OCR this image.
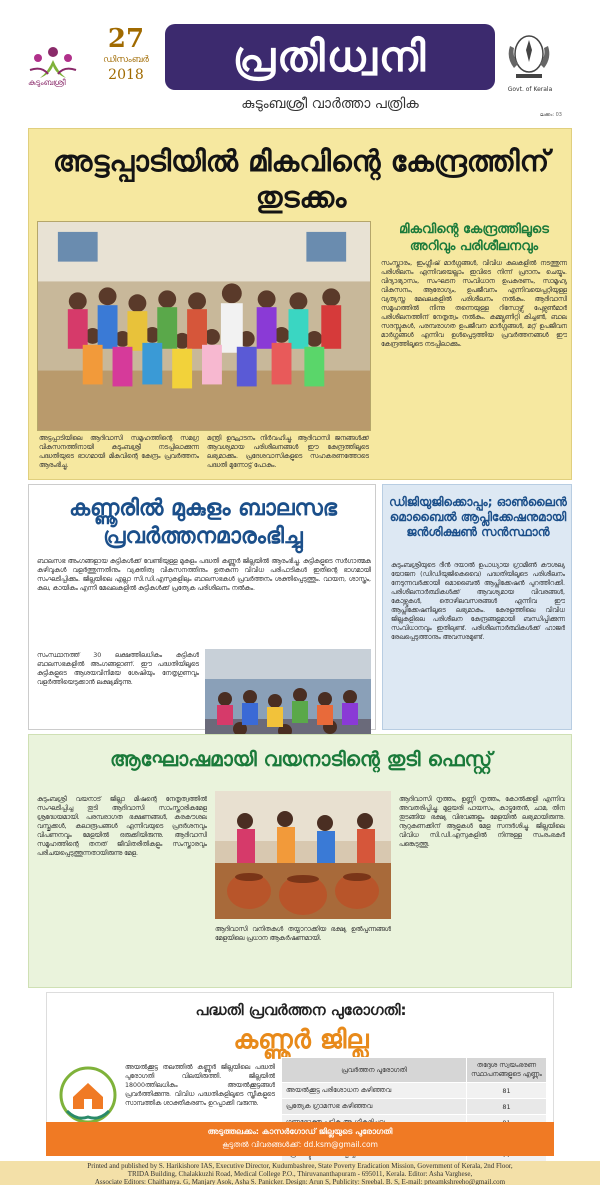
കുടുംബശ്രീ
27
ഡിസംബർ
2018	പ്രതിധ്വനി
കുടുംബശ്രീ വാർത്താ പത്രിക
Govt. of Kerala
ലക്കം: 03
അട്ടപ്പാടിയിൽ മികവിന്റെ കേന്ദ്രത്തിന് തുടക്കം
മികവിന്റെ കേന്ദ്രത്തിലൂടെ അറിവും പരിശീലനവും

സംസ്കാരം, ഇംഗ്ലീഷ് മാർഗ്ഗങ്ങൾ, വിവിധ കലകളിൽ നടത്തുന്ന പരിശീലനം എന്നിവയെല്ലാം ഇവിടെ നിന്ന് പ്രദാനം ചെയ്യും. വിദ്യാഭ്യാസം, സംഘടന സംവിധാന ഉപകരണം, സാമൂഹ്യ വികസനം, ആരോഗ്യം, ഉപജീവനം എന്നിവയെപ്പറ്റിയുള്ള വ്യത്യസ്ത മേഖലകളിൽ പരിശീലനം നൽകും. ആദിവാസി സമൂഹത്തിൽ നിന്നു തന്നെയുള്ള റിസോഴ്സ് പേഴ്സൺമാർ പരിശീലനത്തിന് നേതൃത്വം നൽകും. കമ്മ്യൂണിറ്റി കിച്ചൺ, ബാല സദസ്സുകൾ, പരമ്പരാഗത ഉപജീവന മാർഗ്ഗങ്ങൾ, മറ്റ് ഉപജീവന മാർഗ്ഗങ്ങൾ എന്നിവ ഉൾപ്പെടുത്തിയ പ്രവർത്തനങ്ങൾ ഈ കേന്ദ്രത്തിലൂടെ നടപ്പിലാക്കും.

അട്ടപ്പാടിയിലെ ആദിവാസി സമൂഹത്തിന്റെ സമഗ്ര വികസനത്തിനായി കുടുംബശ്രീ നടപ്പിലാക്കുന്ന പദ്ധതിയുടെ ഭാഗമായി മികവിന്റെ കേന്ദ്രം പ്രവർത്തനം ആരംഭിച്ചു.

മന്ത്രി ഉദ്ഘാടനം നിർവഹിച്ചു. ആദിവാസി ജനങ്ങൾക്ക് ആവശ്യമായ പരിശീലനങ്ങൾ ഈ കേന്ദ്രത്തിലൂടെ ലഭ്യമാക്കും. പ്രദേശവാസികളുടെ സഹകരണത്തോടെ പദ്ധതി മുന്നോട്ട് പോകും.

കണ്ണൂരിൽ മുകുളം ബാലസഭ പ്രവർത്തനമാരംഭിച്ചു

ബാലസഭ അംഗങ്ങളായ കുട്ടികൾക്ക് വേണ്ടിയുള്ള മുകുളം പദ്ധതി കണ്ണൂർ ജില്ലയിൽ ആരംഭിച്ചു. കുട്ടികളുടെ സർഗാത്മക കഴിവുകൾ വളർത്തുന്നതിനും വ്യക്തിത്വ വികസനത്തിനും ഉതകുന്ന വിവിധ പരിപാടികൾ ഇതിന്റെ ഭാഗമായി സംഘടിപ്പിക്കും. ജില്ലയിലെ എല്ലാ സി.ഡി.എസുകളിലും ബാലസഭകൾ പ്രവർത്തനം ശക്തിപ്പെടുത്തും. വായന, ശാസ്ത്രം, കല, കായികം എന്നീ മേഖലകളിൽ കുട്ടികൾക്ക് പ്രത്യേക പരിശീലനം നൽകും.

സംസ്ഥാനത്ത് 30 ലക്ഷത്തിലധികം കുട്ടികൾ ബാലസഭകളിൽ അംഗങ്ങളാണ്. ഈ പദ്ധതിയിലൂടെ കുട്ടികളുടെ ആശയവിനിമയ ശേഷിയും നേതൃഗുണവും വളർത്തിയെടുക്കാൻ ലക്ഷ്യമിടുന്നു.

ഡിജിയുജിക്കൊപ്പം; ഓൺലൈൻ മൊബൈൽ ആപ്ലിക്കേഷനുമായി ജൻശിക്ഷൺ സൻസ്ഥാൻ

കുടുംബശ്രീയുടെ ദീൻ ദയാൽ ഉപാധ്യായ ഗ്രാമീൺ കൗശല്യ യോജന (ഡിഡിയുജികെവൈ) പദ്ധതിയിലൂടെ പരിശീലനം നേടുന്നവർക്കായി മൊബൈൽ ആപ്ലിക്കേഷൻ പുറത്തിറക്കി. പരിശീലനാർത്ഥികൾക്ക് ആവശ്യമായ വിവരങ്ങൾ, കോഴ്സുകൾ, തൊഴിലവസരങ്ങൾ എന്നിവ ഈ ആപ്ലിക്കേഷനിലൂടെ ലഭ്യമാകും. കേരളത്തിലെ വിവിധ ജില്ലകളിലെ പരിശീലന കേന്ദ്രങ്ങളുമായി ബന്ധിപ്പിക്കുന്ന സംവിധാനവും ഇതിലുണ്ട്. പരിശീലനാർത്ഥികൾക്ക് ഹാജർ രേഖപ്പെടുത്താനും അവസരമുണ്ട്.

ആഘോഷമായി വയനാടിന്റെ തുടി ഫെസ്റ്റ്

കുടുംബശ്രീ വയനാട് ജില്ലാ മിഷന്റെ നേതൃത്വത്തിൽ സംഘടിപ്പിച്ച തുടി ആദിവാസി സാംസ്കാരികമേള ശ്രദ്ധേയമായി. പരമ്പരാഗത ഭക്ഷണങ്ങൾ, കരകൗശല വസ്തുക്കൾ, കലാരൂപങ്ങൾ എന്നിവയുടെ പ്രദർശനവും വിപണനവും മേളയിൽ ഒരുക്കിയിരുന്നു. ആദിവാസി സമൂഹത്തിന്റെ തനത് ജീവിതരീതികളും സംസ്കാരവും പരിചയപ്പെടുത്തുന്നതായിരുന്നു മേള.

ആദിവാസി വനിതകൾ തയ്യാറാക്കിയ ഭക്ഷ്യ ഉൽപ്പന്നങ്ങൾ മേളയിലെ പ്രധാന ആകർഷണമായി.

ആദിവാസി നൃത്തം, ഉണ്ണി നൃത്തം, കോൽക്കളി എന്നിവ അവതരിപ്പിച്ചു. മുളയരി പായസം, കാട്ടുതേൻ, ചാമ, തിന തുടങ്ങിയ ഭക്ഷ്യ വിഭവങ്ങളും മേളയിൽ ലഭ്യമായിരുന്നു. നൂറുകണക്കിന് ആളുകൾ മേള സന്ദർശിച്ചു. ജില്ലയിലെ വിവിധ സി.ഡി.എസുകളിൽ നിന്നുള്ള സംരംഭകർ പങ്കെടുത്തു.

പദ്ധതി പ്രവർത്തന പുരോഗതി:
കണ്ണൂർ ജില്ല

അയൽക്കൂട്ട തലത്തിൽ കണ്ണൂർ ജില്ലയിലെ പദ്ധതി പുരോഗതി വിലയിരുത്തി. ജില്ലയിൽ 18000ത്തിലധികം അയൽക്കൂട്ടങ്ങൾ പ്രവർത്തിക്കുന്നു. വിവിധ പദ്ധതികളിലൂടെ സ്ത്രീകളുടെ സാമ്പത്തിക ശാക്തീകരണം ഉറപ്പാക്കി വരുന്നു.

പ്രവർത്തന പുരോഗതി	തദ്ദേശ സ്വയംഭരണ സ്ഥാപനങ്ങളുടെ എണ്ണം
അയൽക്കൂട്ട പരിശോധന കഴിഞ്ഞവ	81
പ്രത്യേക ഗ്രാമസഭ കഴിഞ്ഞവ	81

അടുത്തലക്കം: കാസർഗോഡ് ജില്ലയുടെ പുരോഗതി
കൂടുതൽ വിവരങ്ങൾക്ക്: dd.ksm@gmail.com
Printed and published by S. Harikishore IAS, Executive Director, Kudumbashree, State Poverty Eradication Mission, Government of Kerala, 2nd Floor,
TRIDA Building, Chalakkuzhi Road, Medical College P.O., Thiruvananthapuram - 695011, Kerala. Editor: Asha Varghese,
Associate Editors: Chaithanya. G, Manjary Asok, Asha S. Panicker. Design: Arun S, Publicity: Sreebal. B. S, E-mail: prteamkshreeho@gmail.com
